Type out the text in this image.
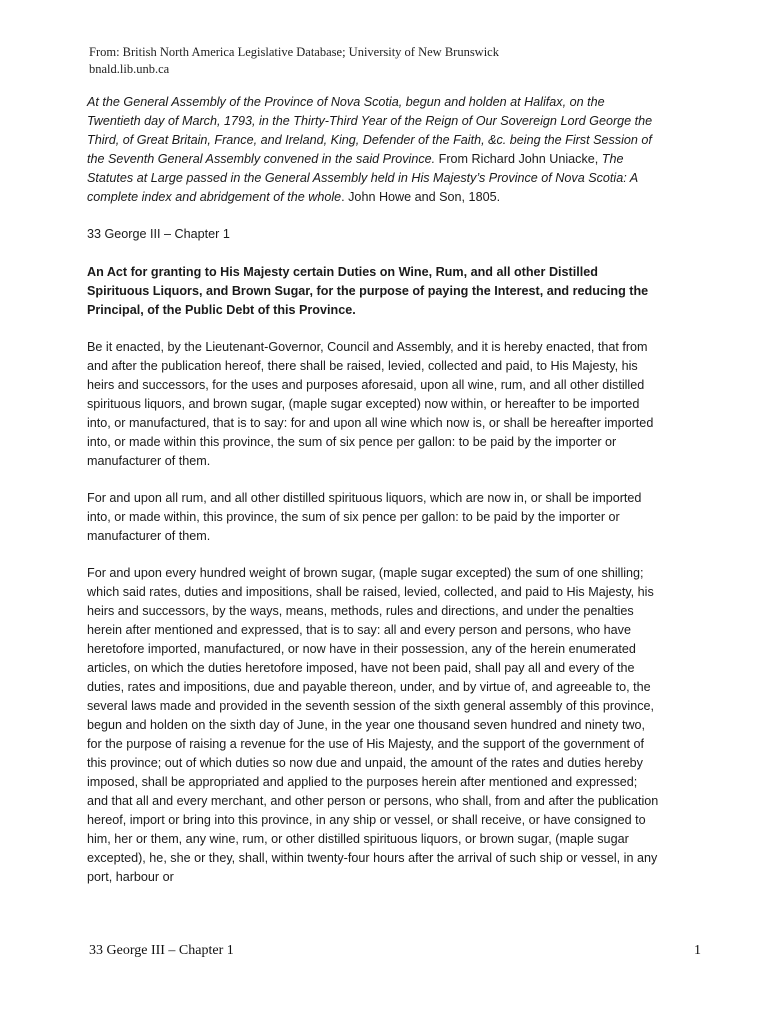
From: British North America Legislative Database; University of New Brunswick
bnald.lib.unb.ca

At the General Assembly of the Province of Nova Scotia, begun and holden at Halifax, on the Twentieth day of March, 1793, in the Thirty-Third Year of the Reign of Our Sovereign Lord George the Third, of Great Britain, France, and Ireland, King, Defender of the Faith, &c. being the First Session of the Seventh General Assembly convened in the said Province. From Richard John Uniacke, The Statutes at Large passed in the General Assembly held in His Majesty’s Province of Nova Scotia: A complete index and abridgement of the whole. John Howe and Son, 1805.

33 George III – Chapter 1

An Act for granting to His Majesty certain Duties on Wine, Rum, and all other Distilled Spirituous Liquors, and Brown Sugar, for the purpose of paying the Interest, and reducing the Principal, of the Public Debt of this Province.

Be it enacted, by the Lieutenant-Governor, Council and Assembly, and it is hereby enacted, that from and after the publication hereof, there shall be raised, levied, collected and paid, to His Majesty, his heirs and successors, for the uses and purposes aforesaid, upon all wine, rum, and all other distilled spirituous liquors, and brown sugar, (maple sugar excepted) now within, or hereafter to be imported into, or manufactured, that is to say: for and upon all wine which now is, or shall be hereafter imported into, or made within this province, the sum of six pence per gallon: to be paid by the importer or manufacturer of them.

For and upon all rum, and all other distilled spirituous liquors, which are now in, or shall be imported into, or made within, this province, the sum of six pence per gallon: to be paid by the importer or manufacturer of them.

For and upon every hundred weight of brown sugar, (maple sugar excepted) the sum of one shilling; which said rates, duties and impositions, shall be raised, levied, collected, and paid to His Majesty, his heirs and successors, by the ways, means, methods, rules and directions, and under the penalties herein after mentioned and expressed, that is to say: all and every person and persons, who have heretofore imported, manufactured, or now have in their possession, any of the herein enumerated articles, on which the duties heretofore imposed, have not been paid, shall pay all and every of the duties, rates and impositions, due and payable thereon, under, and by virtue of, and agreeable to, the several laws made and provided in the seventh session of the sixth general assembly of this province, begun and holden on the sixth day of June, in the year one thousand seven hundred and ninety two, for the purpose of raising a revenue for the use of His Majesty, and the support of the government of this province; out of which duties so now due and unpaid, the amount of the rates and duties hereby imposed, shall be appropriated and applied to the purposes herein after mentioned and expressed; and that all and every merchant, and other person or persons, who shall, from and after the publication hereof, import or bring into this province, in any ship or vessel, or shall receive, or have consigned to him, her or them, any wine, rum, or other distilled spirituous liquors, or brown sugar, (maple sugar excepted), he, she or they, shall, within twenty-four hours after the arrival of such ship or vessel, in any port, harbour or

33 George III – Chapter 1	1
